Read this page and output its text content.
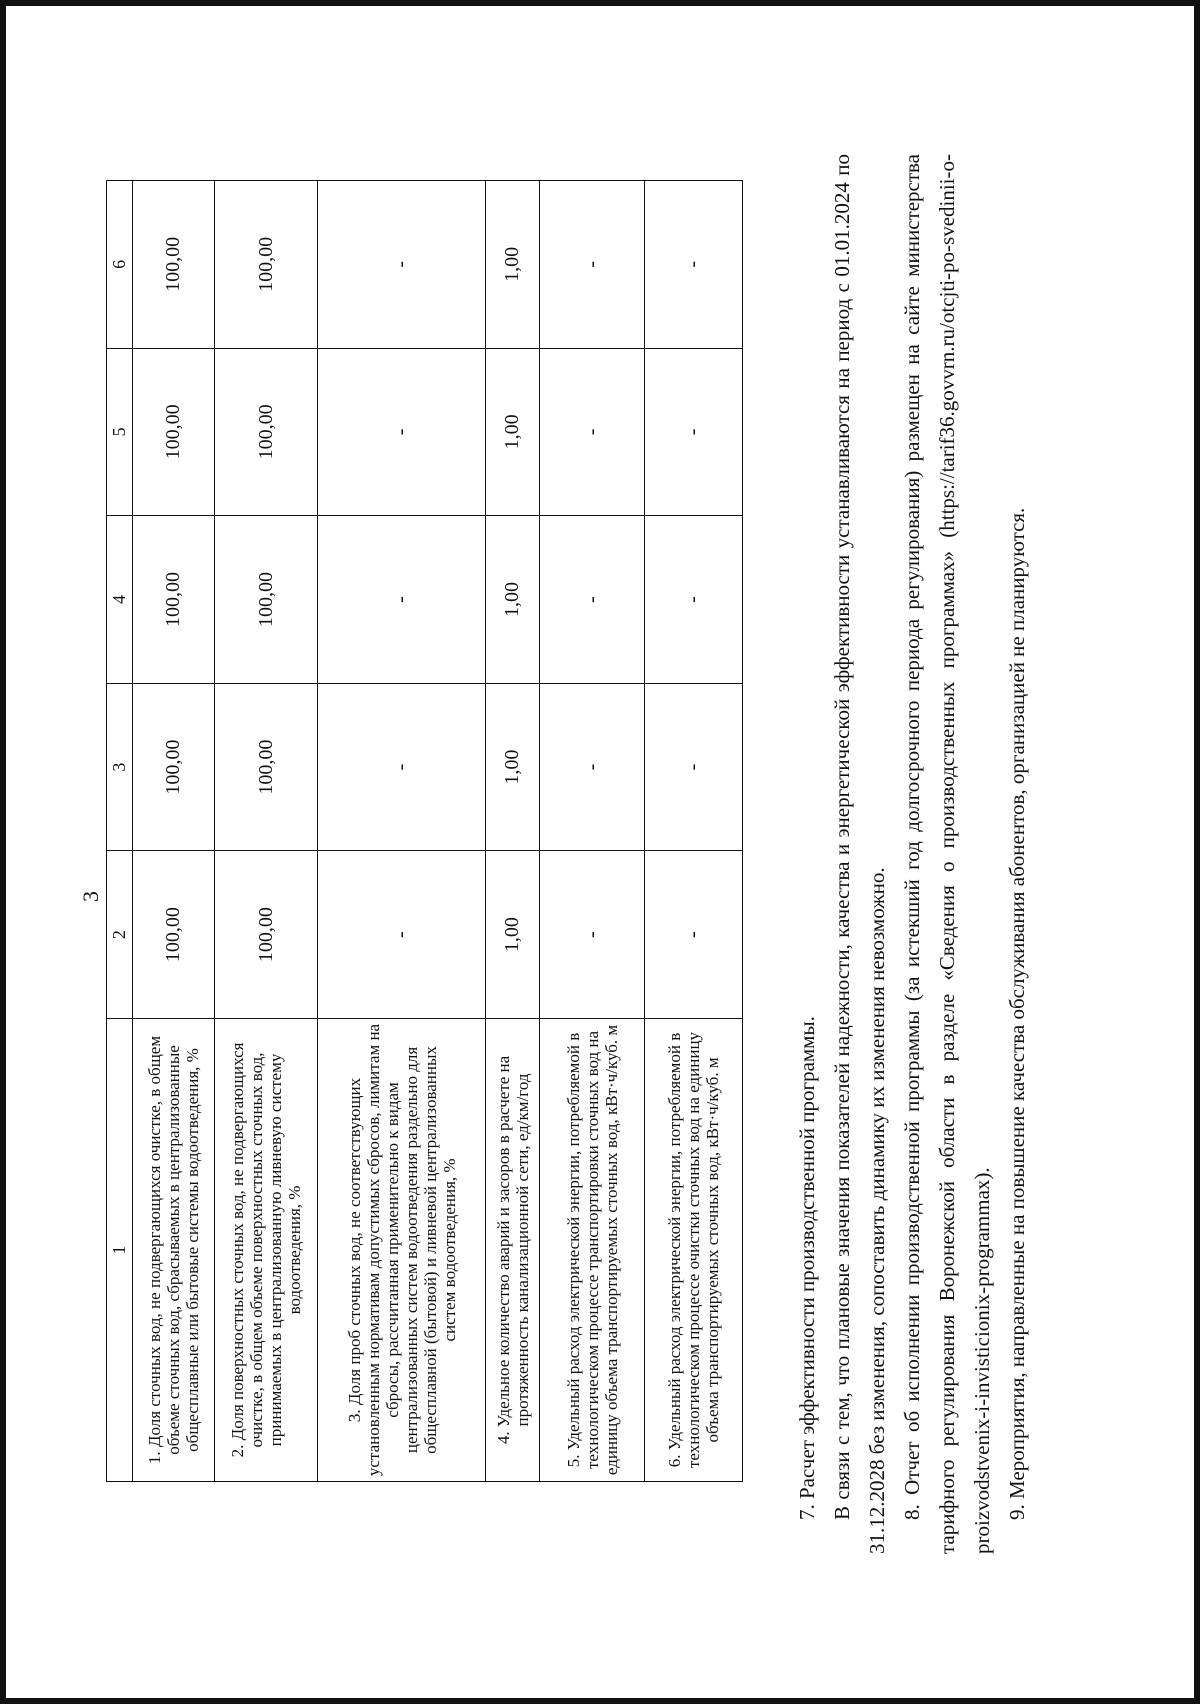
3
1	2	3	4	5	6
1. Доля сточных вод, не подвергающихся очистке, в общем объеме сточных вод, сбрасываемых в централизованные общесплавные или бытовые системы водоотведения, %	100,00	100,00	100,00	100,00	100,00
2. Доля поверхностных сточных вод, не подвергающихся очистке, в общем объеме поверхностных сточных вод, принимаемых в централизованную ливневую систему водоотведения, %	100,00	100,00	100,00	100,00	100,00
3. Доля проб сточных вод, не соответствующих установленным нормативам допустимых сбросов, лимитам на сбросы, рассчитанная применительно к видам централизованных систем водоотведения раздельно для общесплавной (бытовой) и ливневой централизованных систем водоотведения, %	-	-	-	-	-
4. Удельное количество аварий и засоров в расчете на протяженность канализационной сети, ед/км/год	1,00	1,00	1,00	1,00	1,00
5. Удельный расход электрической энергии, потребляемой в технологическом процессе транспортировки сточных вод на единицу объема транспортируемых сточных вод, кВт·ч/куб. м	-	-	-	-	-
6. Удельный расход электрической энергии, потребляемой в технологическом процессе очистки сточных вод на единицу объема транспортируемых сточных вод, кВт·ч/куб. м	-	-	-	-	-

7. Расчет эффективности производственной программы. В связи с тем, что плановые значения показателей надежности, качества и энергетической эффективности устанавливаются на период с 01.01.2024 по 31.12.2028 без изменения, сопоставить динамику их изменения невозможно. 8. Отчет об исполнении производственной программы (за истекший год долгосрочного периода регулирования) размещен на сайте министерства тарифного регулирования Воронежской области в разделе «Сведения о производственных программах» (https://tarif36.govvrn.ru/otcjti-po-svedinii-o-proizvodstvenix-i-invisticionix-programmax). 9. Мероприятия, направленные на повышение качества обслуживания абонентов, организацией не планируются.
